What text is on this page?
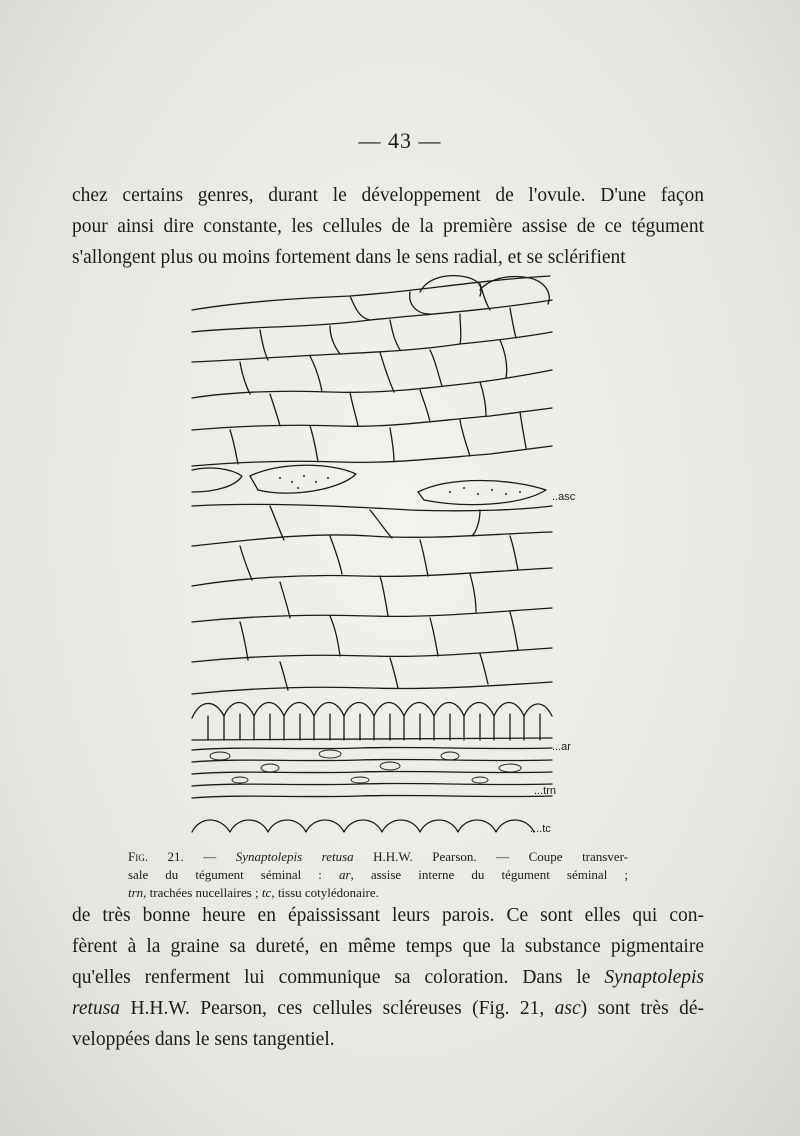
— 43 —
chez certains genres, durant le développement de l'ovule. D'une façon
pour ainsi dire constante, les cellules de la première assise de ce tégument
s'allongent plus ou moins fortement dans le sens radial, et se sclérifient
..asc
...ar
...trn
....tc
Fig. 21. — Synaptolepis retusa H.H.W. Pearson. — Coupe transver-
sale du tégument séminal : ar, assise interne du tégument séminal ;
trn, trachées nucellaires ; tc, tissu cotylédonaire.
de très bonne heure en épaississant leurs parois. Ce sont elles qui con-
fèrent à la graine sa dureté, en même temps que la substance pigmentaire
qu'elles renferment lui communique sa coloration. Dans le Synaptolepis
retusa H.H.W. Pearson, ces cellules scléreuses (Fig. 21, asc) sont très dé-
veloppées dans le sens tangentiel.
